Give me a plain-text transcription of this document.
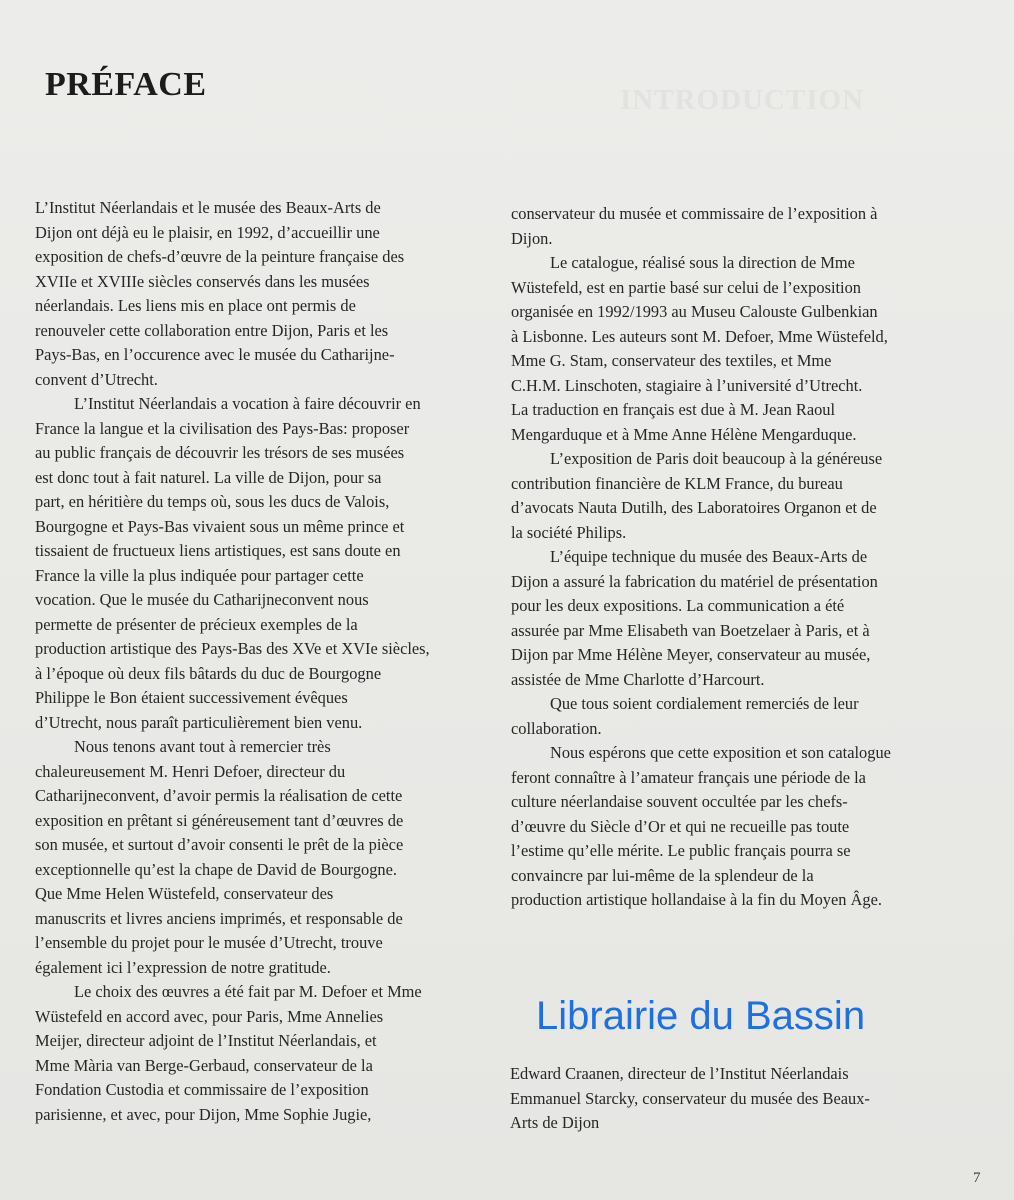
INTRODUCTION
PRÉFACE
L’Institut Néerlandais et le musée des Beaux-Arts de
Dijon ont déjà eu le plaisir, en 1992, d’accueillir une
exposition de chefs-d’œuvre de la peinture française des
XVIIe et XVIIIe siècles conservés dans les musées
néerlandais. Les liens mis en place ont permis de
renouveler cette collaboration entre Dijon, Paris et les
Pays-Bas, en l’occurence avec le musée du Catharijne-
convent d’Utrecht.
L’Institut Néerlandais a vocation à faire découvrir en
France la langue et la civilisation des Pays-Bas: proposer
au public français de découvrir les trésors de ses musées
est donc tout à fait naturel. La ville de Dijon, pour sa
part, en héritière du temps où, sous les ducs de Valois,
Bourgogne et Pays-Bas vivaient sous un même prince et
tissaient de fructueux liens artistiques, est sans doute en
France la ville la plus indiquée pour partager cette
vocation. Que le musée du Catharijneconvent nous
permette de présenter de précieux exemples de la
production artistique des Pays-Bas des XVe et XVIe siècles,
à l’époque où deux fils bâtards du duc de Bourgogne
Philippe le Bon étaient successivement évêques
d’Utrecht, nous paraît particulièrement bien venu.
Nous tenons avant tout à remercier très
chaleureusement M. Henri Defoer, directeur du
Catharijneconvent, d’avoir permis la réalisation de cette
exposition en prêtant si généreusement tant d’œuvres de
son musée, et surtout d’avoir consenti le prêt de la pièce
exceptionnelle qu’est la chape de David de Bourgogne.
Que Mme Helen Wüstefeld, conservateur des
manuscrits et livres anciens imprimés, et responsable de
l’ensemble du projet pour le musée d’Utrecht, trouve
également ici l’expression de notre gratitude.
Le choix des œuvres a été fait par M. Defoer et Mme
Wüstefeld en accord avec, pour Paris, Mme Annelies
Meijer, directeur adjoint de l’Institut Néerlandais, et
Mme Mària van Berge-Gerbaud, conservateur de la
Fondation Custodia et commissaire de l’exposition
parisienne, et avec, pour Dijon, Mme Sophie Jugie,
conservateur du musée et commissaire de l’exposition à
Dijon.
Le catalogue, réalisé sous la direction de Mme
Wüstefeld, est en partie basé sur celui de l’exposition
organisée en 1992/1993 au Museu Calouste Gulbenkian
à Lisbonne. Les auteurs sont M. Defoer, Mme Wüstefeld,
Mme G. Stam, conservateur des textiles, et Mme
C.H.M. Linschoten, stagiaire à l’université d’Utrecht.
La traduction en français est due à M. Jean Raoul
Mengarduque et à Mme Anne Hélène Mengarduque.
L’exposition de Paris doit beaucoup à la généreuse
contribution financière de KLM France, du bureau
d’avocats Nauta Dutilh, des Laboratoires Organon et de
la société Philips.
L’équipe technique du musée des Beaux-Arts de
Dijon a assuré la fabrication du matériel de présentation
pour les deux expositions. La communication a été
assurée par Mme Elisabeth van Boetzelaer à Paris, et à
Dijon par Mme Hélène Meyer, conservateur au musée,
assistée de Mme Charlotte d’Harcourt.
Que tous soient cordialement remerciés de leur
collaboration.
Nous espérons que cette exposition et son catalogue
feront connaître à l’amateur français une période de la
culture néerlandaise souvent occultée par les chefs-
d’œuvre du Siècle d’Or et qui ne recueille pas toute
l’estime qu’elle mérite. Le public français pourra se
convaincre par lui-même de la splendeur de la
production artistique hollandaise à la fin du Moyen Âge.
Librairie du Bassin
Edward Craanen, directeur de l’Institut Néerlandais
Emmanuel Starcky, conservateur du musée des Beaux-
Arts de Dijon
7
